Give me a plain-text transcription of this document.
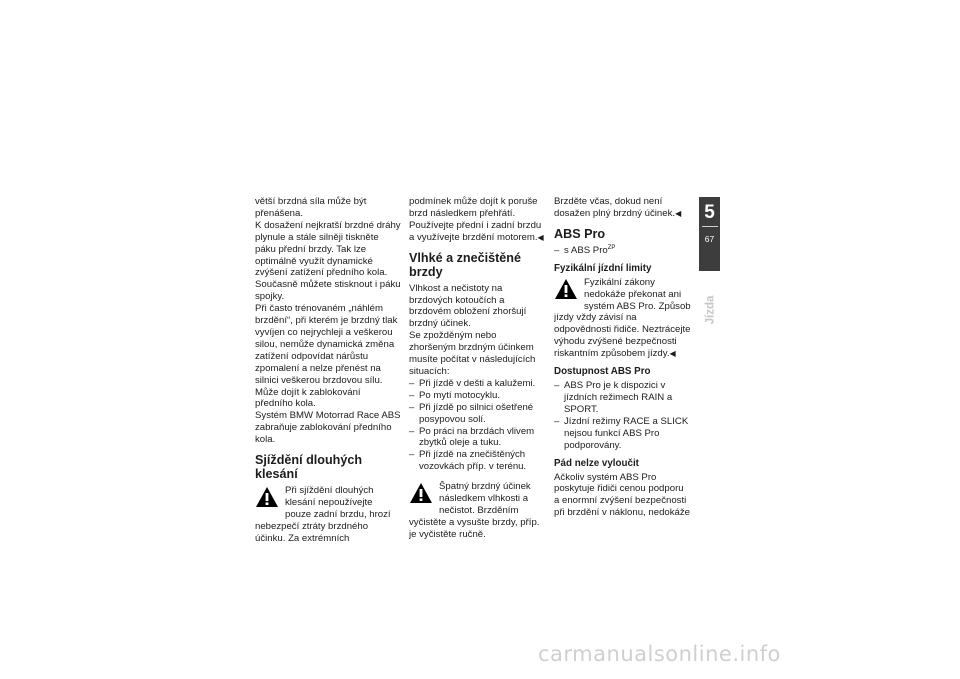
větší brzdná síla může být přenášena.

K dosažení nejkratší brzdné dráhy plynule a stále silněji tiskněte páku přední brzdy. Tak lze optimálně využít dynamické zvýšení zatížení předního kola. Současně můžete stisknout i páku spojky.

Při často trénovaném „náhlém brzdění“, při kterém je brzdný tlak vyvíjen co nejrychleji a veškerou silou, nemůže dynamická změna zatížení odpovídat nárůstu zpomalení a nelze přenést na silnici veškerou brzdovou sílu. Může dojít k zablokování předního kola.

Systém BMW Motorrad Race ABS zabraňuje zablokování předního kola.

Sjíždění dlouhých klesání

Při sjíždění dlouhých klesání nepoužívejte pouze zadní brzdu, hrozí nebezpečí ztráty brzdného účinku. Za extrémních

podmínek může dojít k poruše brzd následkem přehřátí.

Používejte přední i zadní brzdu a využívejte brzdění motorem.◀

Vlhké a znečištěné brzdy

Vlhkost a nečistoty na brzdových kotoučích a brzdovém obložení zhoršují brzdný účinek.

Se zpožděným nebo zhoršeným brzdným účinkem musíte počítat v následujících situacích:

– Při jízdě v dešti a kalužemi.
– Po mytí motocyklu.
– Při jízdě po silnici ošetřené posypovou solí.
– Po práci na brzdách vlivem zbytků oleje a tuku.
– Při jízdě na znečištěných vozovkách příp. v terénu.

Špatný brzdný účinek následkem vlhkosti a nečistot. Brzděním vyčistěte a vysušte brzdy, příp. je vyčistěte ručně.

Brzděte včas, dokud není dosažen plný brzdný účinek.◀

ABS Pro
– s ABS Pro$^{ZP}$
Fyzikální jízdní limity

Fyzikální zákony nedokáže překonat ani systém ABS Pro. Způsob jízdy vždy závisí na odpovědnosti řidiče. Neztrácejte výhodu zvýšené bezpečnosti riskantním způsobem jízdy.◀

Dostupnost ABS Pro
– ABS Pro je k dispozici v jízdních režimech RAIN a SPORT.
– Jízdní režimy RACE a SLICK nejsou funkcí ABS Pro podporovány.
Pád nelze vyloučit

Ačkoliv systém ABS Pro poskytuje řidiči cenou podporu a enormní zvýšení bezpečnosti při brzdění v náklonu, nedokáže

5
67
Jízda
carmanualsonline.info
